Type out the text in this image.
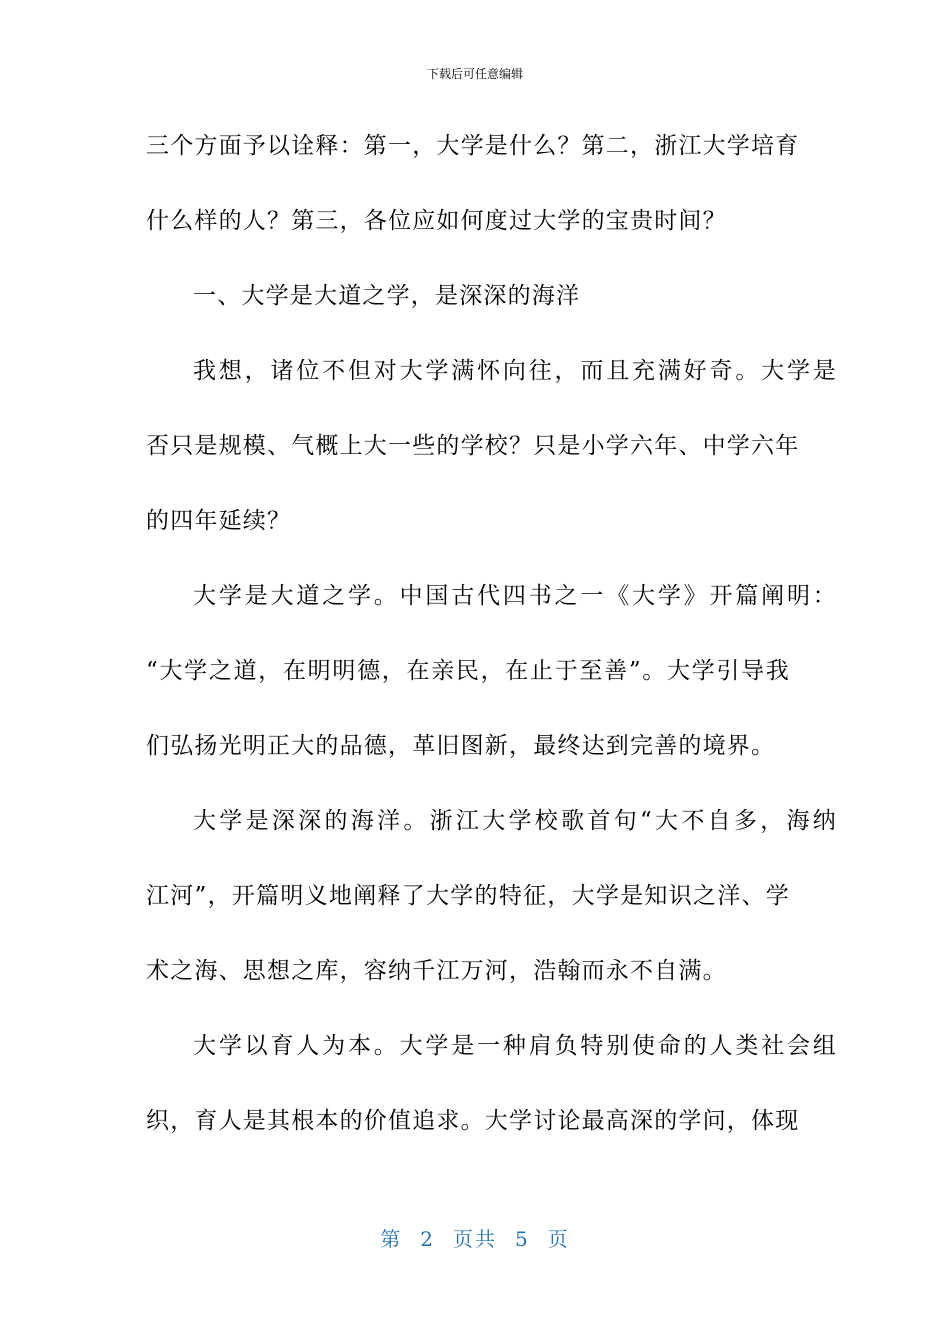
下载后可任意编辑
三个方面予以诠释：第一，大学是什么？第二，浙江大学培育
什么样的人？第三，各位应如何度过大学的宝贵时间？
一、大学是大道之学，是深深的海洋
我想，诸位不但对大学满怀向往，而且充满好奇。大学是
否只是规模、气概上大一些的学校？只是小学六年、中学六年
的四年延续？
大学是大道之学。中国古代四书之一《大学》开篇阐明：
“大学之道，在明明德，在亲民，在止于至善”。大学引导我
们弘扬光明正大的品德，革旧图新，最终达到完善的境界。
大学是深深的海洋。浙江大学校歌首句“大不自多，海纳
江河”，开篇明义地阐释了大学的特征，大学是知识之洋、学
术之海、思想之库，容纳千江万河，浩翰而永不自满。
大学以育人为本。大学是一种肩负特别使命的人类社会组
织，育人是其根本的价值追求。大学讨论最高深的学问，体现
第 2 页共 5 页
